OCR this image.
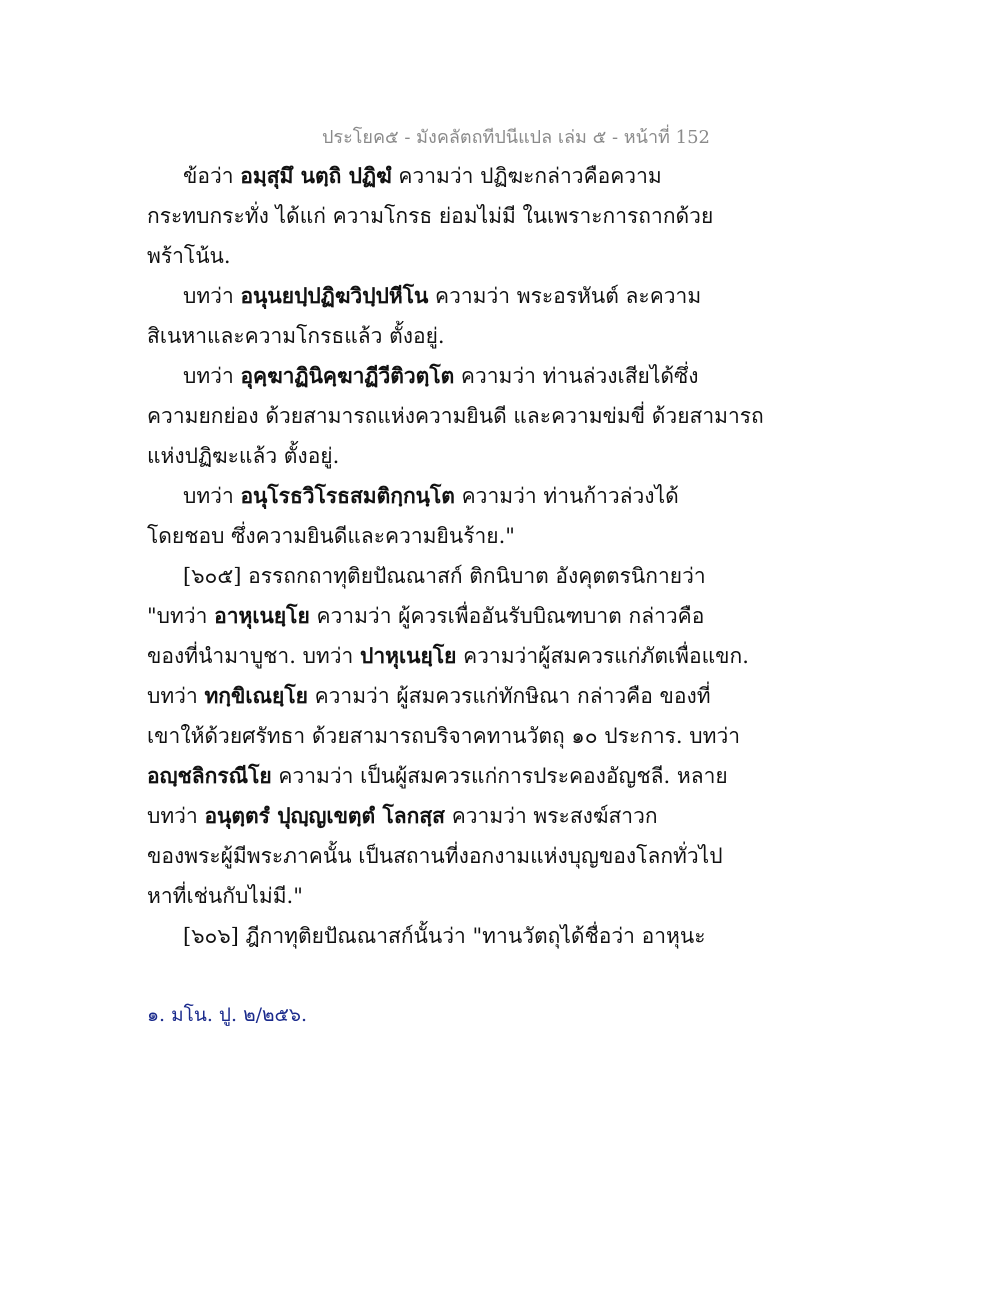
ประโยค๕ - มังคลัตถทีปนีแปล เล่ม ๕ - หน้าที่ 152
ข้อว่า อมฺสุมึ นตฺถิ ปฏิฆํ ความว่า ปฏิฆะกล่าวคือความ
กระทบกระทั่ง ได้แก่ ความโกรธ ย่อมไม่มี ในเพราะการถากด้วย
พร้าโน้น.
บทว่า อนุนยปฺปฏิฆวิปฺปหีโน ความว่า พระอรหันต์ ละความ
สิเนหาและความโกรธแล้ว ตั้งอยู่.
บทว่า อุคฺฆาฏินิคฺฆาฏีวีติวตฺโต ความว่า ท่านล่วงเสียได้ซึ่ง
ความยกย่อง ด้วยสามารถแห่งความยินดี และความข่มขี่ ด้วยสามารถ
แห่งปฏิฆะแล้ว ตั้งอยู่.
บทว่า อนุโรธวิโรธสมติกฺกนฺโต ความว่า ท่านก้าวล่วงได้
โดยชอบ ซึ่งความยินดีและความยินร้าย."
[๖๐๕] อรรถกถาทุติยปัณณาสก์ ติกนิบาต อังคุตตรนิกายว่า
"บทว่า อาหุเนยฺโย ความว่า ผู้ควรเพื่ออันรับบิณฑบาต กล่าวคือ
ของที่นำมาบูชา. บทว่า ปาหุเนยฺโย ความว่าผู้สมควรแก่ภัตเพื่อแขก.
บทว่า ทกฺขิเณยฺโย ความว่า ผู้สมควรแก่ทักษิณา กล่าวคือ ของที่
เขาให้ด้วยศรัทธา ด้วยสามารถบริจาคทานวัตถุ ๑๐ ประการ. บทว่า
อญฺชลิกรณีโย ความว่า เป็นผู้สมควรแก่การประคองอัญชลี. หลาย
บทว่า อนุตฺตรํ ปุญฺญเขตฺตํ โลกสฺส ความว่า พระสงฆ์สาวก
ของพระผู้มีพระภาคนั้น เป็นสถานที่งอกงามแห่งบุญของโลกทั่วไป
หาที่เช่นกับไม่มี."
[๖๐๖] ฎีกาทุติยปัณณาสก์นั้นว่า "ทานวัตถุได้ชื่อว่า อาหุนะ
๑. มโน. ปู. ๒/๒๕๖.
